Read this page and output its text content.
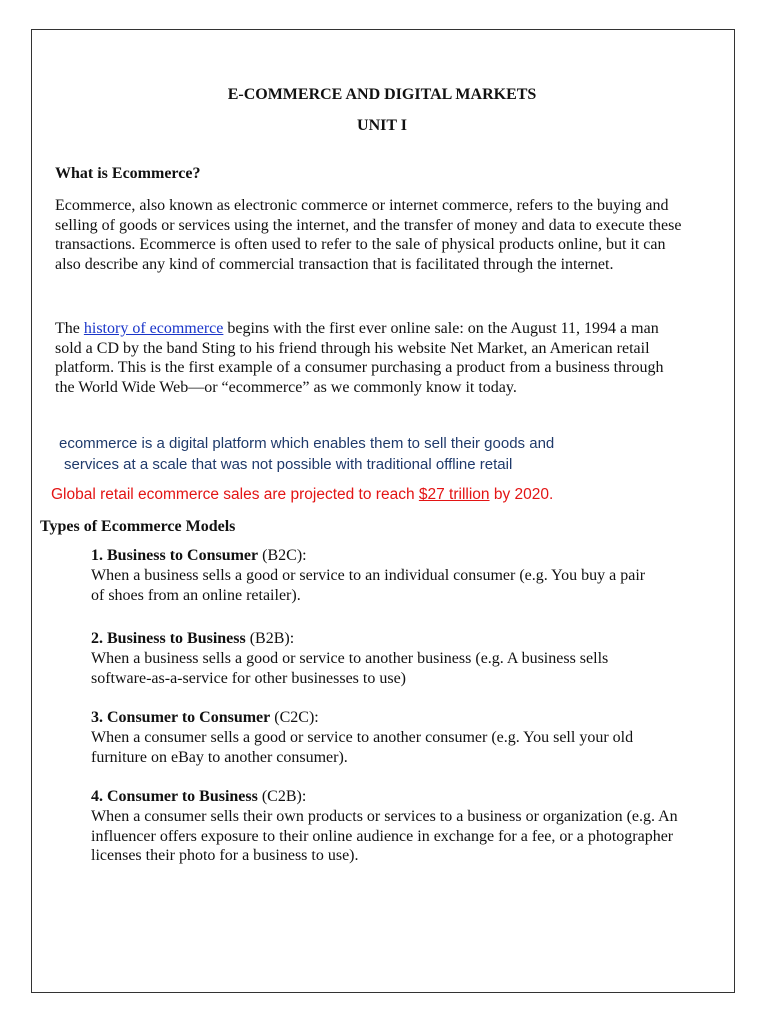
E-COMMERCE AND DIGITAL MARKETS

UNIT I

What is Ecommerce?

Ecommerce, also known as electronic commerce or internet commerce, refers to the buying and selling of goods or services using the internet, and the transfer of money and data to execute these transactions. Ecommerce is often used to refer to the sale of physical products online, but it can also describe any kind of commercial transaction that is facilitated through the internet.

The history of ecommerce begins with the first ever online sale: on the August 11, 1994 a man sold a CD by the band Sting to his friend through his website Net Market, an American retail platform. This is the first example of a consumer purchasing a product from a business through the World Wide Web—or “ecommerce” as we commonly know it today.

ecommerce is a digital platform which enables them to sell their goods and

services at a scale that was not possible with traditional offline retail

Global retail ecommerce sales are projected to reach $27 trillion by 2020.

Types of Ecommerce Models

1. Business to Consumer (B2C):

When a business sells a good or service to an individual consumer (e.g. You buy a pair of shoes from an online retailer).

2. Business to Business (B2B):

When a business sells a good or service to another business (e.g. A business sells software-as-a-service for other businesses to use)

3. Consumer to Consumer (C2C):

When a consumer sells a good or service to another consumer (e.g. You sell your old furniture on eBay to another consumer).

4. Consumer to Business (C2B):

When a consumer sells their own products or services to a business or organization (e.g. An influencer offers exposure to their online audience in exchange for a fee, or a photographer licenses their photo for a business to use).
